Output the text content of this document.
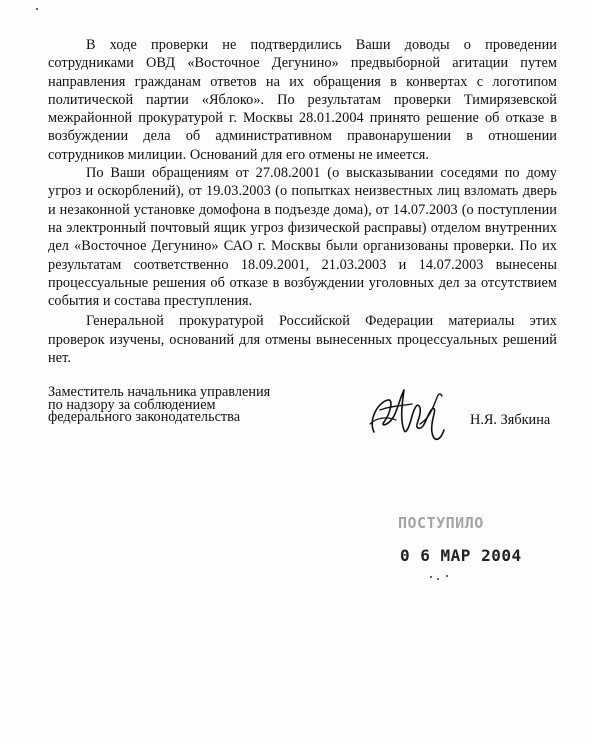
В ходе проверки не подтвердились Ваши доводы о проведении сотрудниками ОВД «Восточное Дегунино» предвыборной агитации путем направления гражданам ответов на их обращения в конвертах с логотипом политической партии «Яблоко». По результатам проверки Тимирязевской межрайонной прокуратурой г. Москвы 28.01.2004 принято решение об отказе в возбуждении дела об административном правонарушении в отношении сотрудников милиции. Оснований для его отмены не имеется.

По Ваши обращениям от 27.08.2001 (о высказывании соседями по дому угроз и оскорблений), от 19.03.2003 (о попытках неизвестных лиц взломать дверь и незаконной установке домофона в подъезде дома), от 14.07.2003 (о поступлении на электронный почтовый ящик угроз физической расправы) отделом внутренних дел «Восточное Дегунино» САО г. Москвы были организованы проверки. По их результатам соответственно 18.09.2001, 21.03.2003 и 14.07.2003 вынесены процессуальные решения об отказе в возбуждении уголовных дел за отсутствием события и состава преступления.

Генеральной прокуратурой Российской Федерации материалы этих проверок изучены, оснований для отмены вынесенных процессуальных решений нет.

Заместитель начальника управления
по надзору за соблюдением
федерального законодательства	Н.Я. Зябкина
ПОСТУПИЛО
0 6 МАР 2004
